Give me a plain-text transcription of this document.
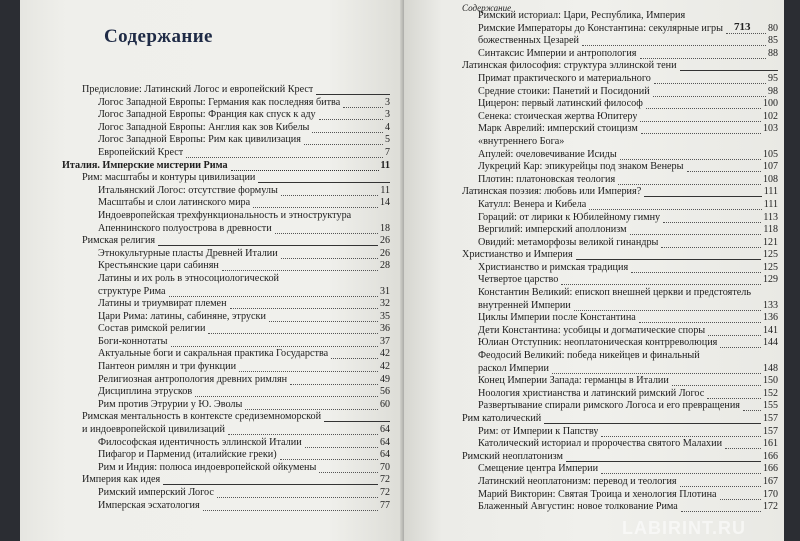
Содержание
Предисловие: Латинский Логос и европейский Крест
Логос Западной Европы: Германия как последняя битва	3
Логос Западной Европы: Франция как спуск к аду	3
Логос Западной Европы: Англия как зов Кибелы	4
Логос Западной Европы: Рим как цивилизация	5
Европейский Крест	7
Италия. Имперские мистерии Рима	11
Рим: масштабы и контуры цивилизации
Итальянский Логос: отсутствие формулы	11
Масштабы и слои латинского мира	14
Индоевропейская трехфункциональность и этноструктура
Апеннинского полуострова в древности	18
Римская религия	26
Этнокультурные пласты Древней Италии	26
Крестьянские цари сабинян	28
Латины и их роль в этносоциологической
структуре Рима	31
Латины и триумвират племен	32
Цари Рима: латины, сабиняне, этруски	35
Состав римской религии	36
Боги-коннотаты	37
Актуальные боги и сакральная практика Государства	42
Пантеон римлян и три функции	42
Религиозная антропология древних римлян	49
Дисциплина этрусков	56
Рим против Этрурии у Ю. Эволы	60
Римская ментальность в контексте средиземноморской
и индоевропейской цивилизаций	64
Философская идентичность эллинской Италии	64
Пифагор и Парменид (италийские греки)	64
Рим и Индия: полюса индоевропейской ойкумены	70
Империя как идея	72
Римский имперский Логос	72
Имперская эсхатология	77
Содержание
713
Римский историал: Цари, Республика, Империя
Римские Императоры до Константина: секулярные игры	80
божественных Цезарей	85
Синтаксис Империи и антропология	88
Латинская философия: структура эллинской тени
Примат практического и материального	95
Средние стоики: Панетий и Посидоний	98
Цицерон: первый латинский философ	100
Сенека: стоическая жертва Юпитеру	102
Марк Аврелий: имперский стоицизм	103
«внутреннего Бога»
Апулей: очеловечивание Исиды	105
Лукреций Кар: эпикурейцы под знаком Венеры	107
Плотин: платоновская теология	108
Латинская поэзия: любовь или Империя?	111
Катулл: Венера и Кибела	111
Гораций: от лирики к Юбилейному гимну	113
Вергилий: имперский аполлонизм	118
Овидий: метаморфозы великой гинандры	121
Христианство и Империя	125
Христианство и римская традиция	125
Четвертое царство	129
Константин Великий: епископ внешней церкви и предстоятель
внутренней Империи	133
Циклы Империи после Константина	136
Дети Константина: усобицы и догматические споры	141
Юлиан Отступник: неоплатоническая контрреволюция	144
Феодосий Великий: победа никейцев и финальный
раскол Империи	148
Конец Империи Запада: германцы в Италии	150
Ноология христианства и латинский римский Логос	152
Развертывание спирали римского Логоса и его превращения 155
Рим католический	157
Рим: от Империи к Папству	157
Католический историал и пророчества святого Малахии	161
Римский неоплатонизм	166
Смещение центра Империи	166
Латинский неоплатонизм: перевод и теология	167
Марий Викторин: Святая Троица и хенология Плотина	170
Блаженный Августин: новое толкование Рима	172
LABIRINT.RU
